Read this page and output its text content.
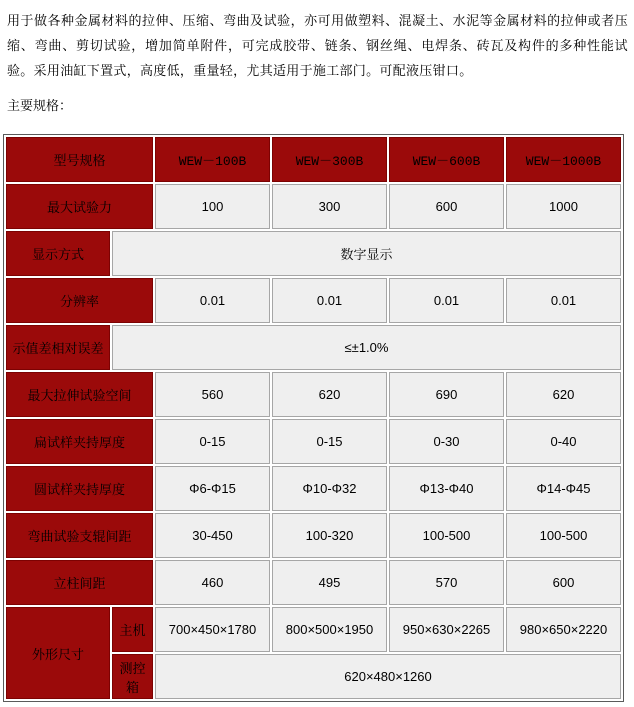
用于做各种金属材料的拉伸、压缩、弯曲及试验，亦可用做塑料、混凝土、水泥等金属材料的拉伸或者压缩、弯曲、剪切试验，增加简单附件，可完成胶带、链条、钢丝绳、电焊条、砖瓦及构件的多种性能试验。采用油缸下置式，高度低，重量轻，尤其适用于施工部门。可配液压钳口。

主要规格：

型号规格		WEW－100B	WEW－300B	WEW－600B	WEW－1000B
最大试验力		100	300	600	1000
显示方式	数字显示				
分辨率		0.01	0.01	0.01	0.01
示值差相对误差	≤±1.0%				
最大拉伸试验空间		560	620	690	620
扁试样夹持厚度		0-15	0-15	0-30	0-40
圆试样夹持厚度		Φ6-Φ15	Φ10-Φ32	Φ13-Φ40	Φ14-Φ45
弯曲试验支辊间距		30-450	100-320	100-500	100-500
立柱间距		460	495	570	600
外形尺寸	主机	700×450×1780	800×500×1950	950×630×2265	980×650×2220
	测控箱	620×480×1260			
